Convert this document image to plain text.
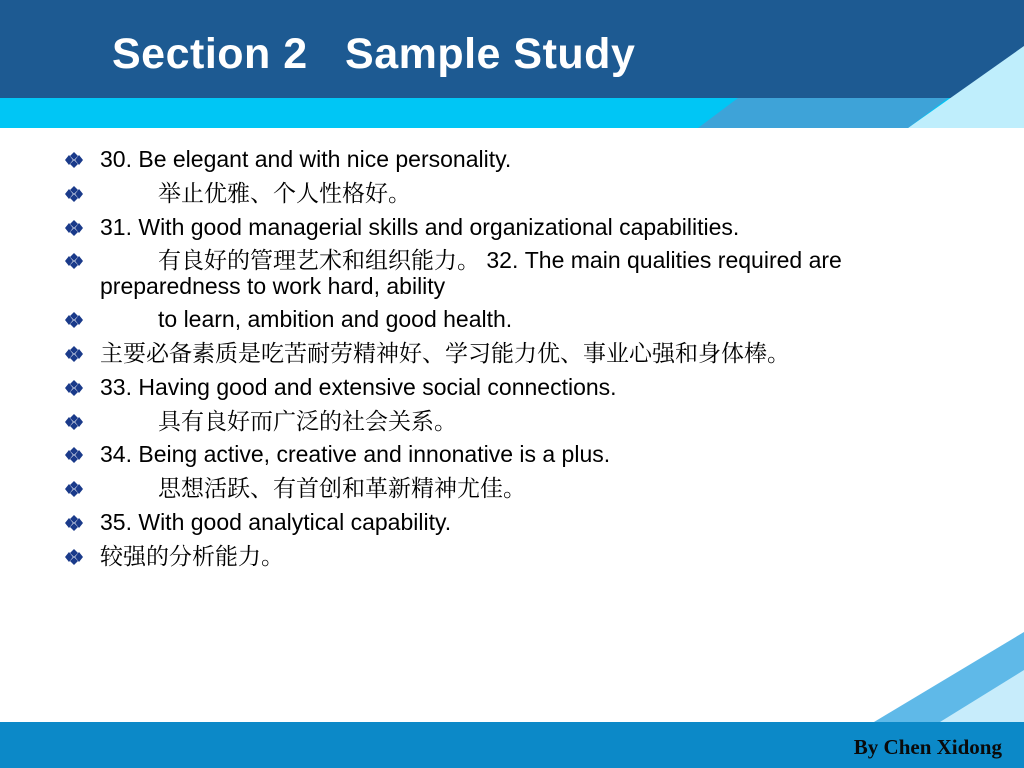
Section 2   Sample Study
30. Be elegant and with nice personality.
举止优雅、个人性格好。
31. With good managerial skills and organizational capabilities.
有良好的管理艺术和组织能力。 32. The main qualities required are preparedness to work hard, ability
to learn, ambition and good health.
主要必备素质是吃苦耐劳精神好、学习能力优、事业心强和身体棒。
33. Having good and extensive social connections.
具有良好而广泛的社会关系。
34. Being active, creative and innonative is a plus.
思想活跃、有首创和革新精神尤佳。
35. With good analytical capability.
较强的分析能力。
By Chen Xidong
